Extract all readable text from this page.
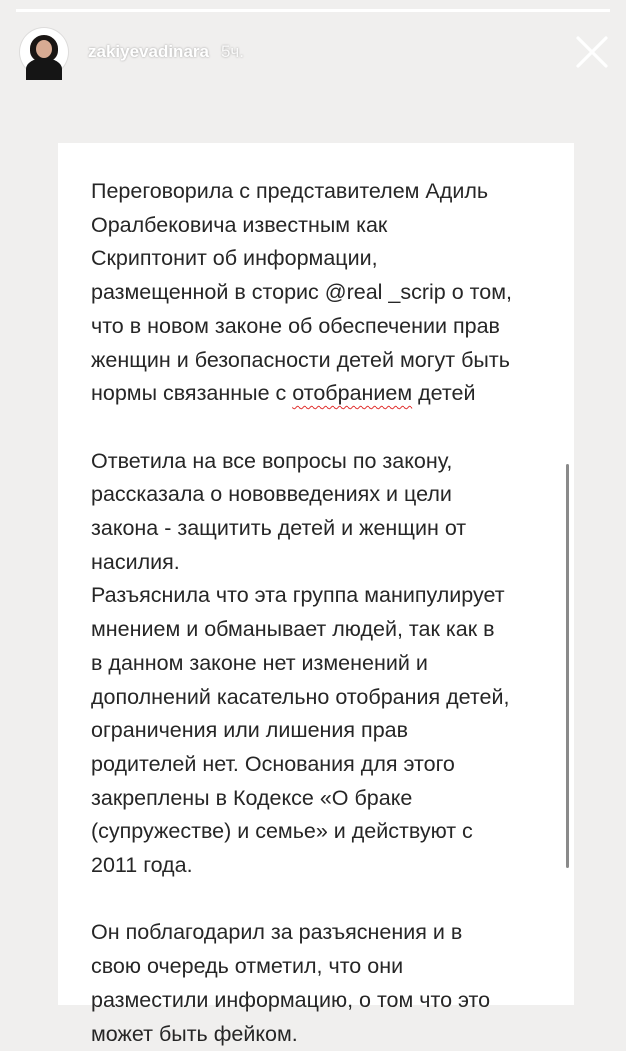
zakiyevadinara 5ч.

Переговорила с представителем Адиль
Оралбековича известным как
Скриптонит об информации,
размещенной в сторис @real _scrip о том,
что в новом законе об обеспечении прав
женщин и безопасности детей могут быть
нормы связанные с отобранием детей

Ответила на все вопросы по закону,
рассказала о нововведениях и цели
закона - защитить детей и женщин от
насилия.

Разъяснила что эта группа манипулирует
мнением и обманывает людей, так как в
в данном законе нет изменений и
дополнений касательно отобрания детей,
ограничения или лишения прав
родителей нет. Основания для этого
закреплены в Кодексе «О браке
(супружестве) и семье» и действуют с
2011 года.

Он поблагодарил за разъяснения и в
свою очередь отметил, что они
разместили информацию, о том что это
может быть фейком.
